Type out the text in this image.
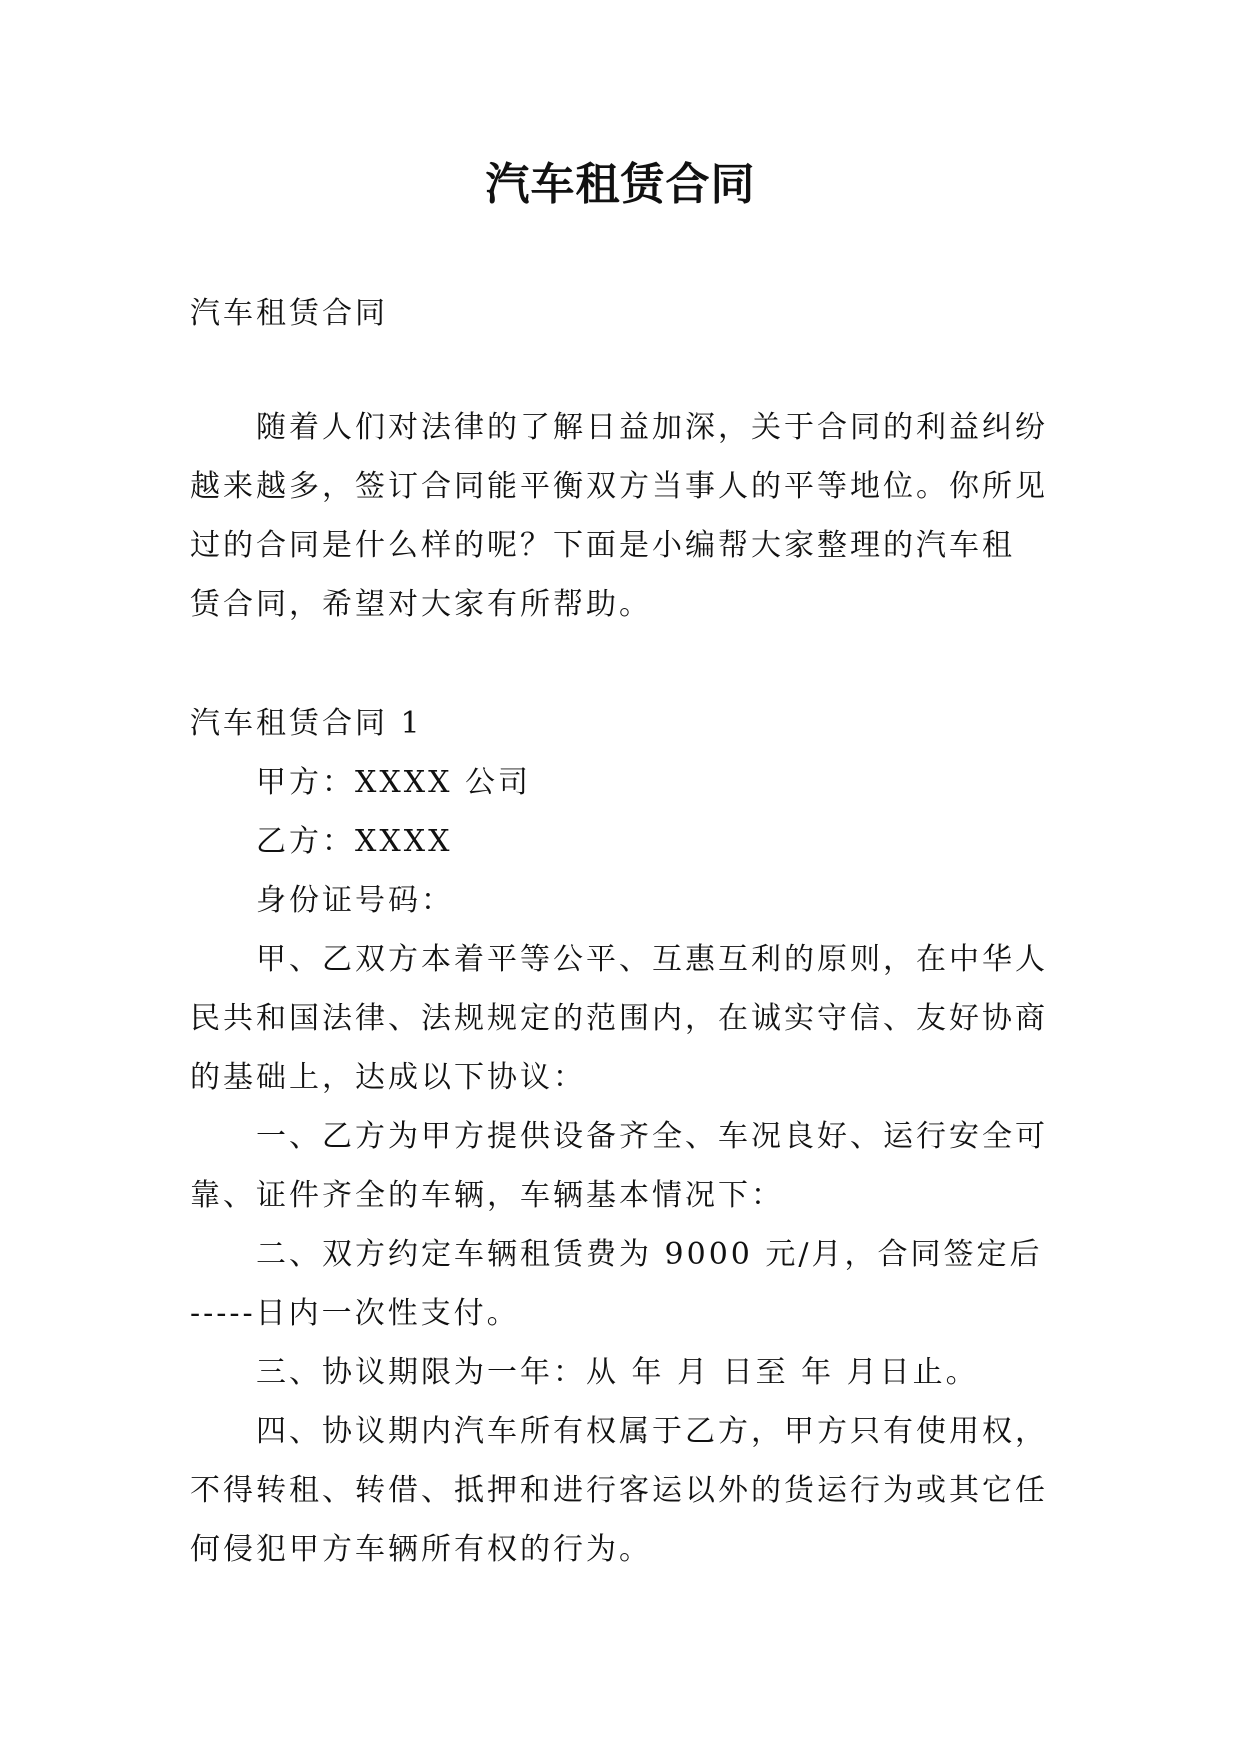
汽车租赁合同
汽车租赁合同
随着人们对法律的了解日益加深，关于合同的利益纠纷
越来越多，签订合同能平衡双方当事人的平等地位。你所见
过的合同是什么样的呢？下面是小编帮大家整理的汽车租
赁合同，希望对大家有所帮助。
汽车租赁合同 1
甲方：XXXX 公司
乙方：XXXX
身份证号码：
甲、乙双方本着平等公平、互惠互利的原则，在中华人
民共和国法律、法规规定的范围内，在诚实守信、友好协商
的基础上，达成以下协议：
一、乙方为甲方提供设备齐全、车况良好、运行安全可
靠、证件齐全的车辆，车辆基本情况下：
二、双方约定车辆租赁费为 9000 元/月，合同签定后
-----日内一次性支付。
三、协议期限为一年：从 年 月 日至 年 月日止。
四、协议期内汽车所有权属于乙方，甲方只有使用权，
不得转租、转借、抵押和进行客运以外的货运行为或其它任
何侵犯甲方车辆所有权的行为。
